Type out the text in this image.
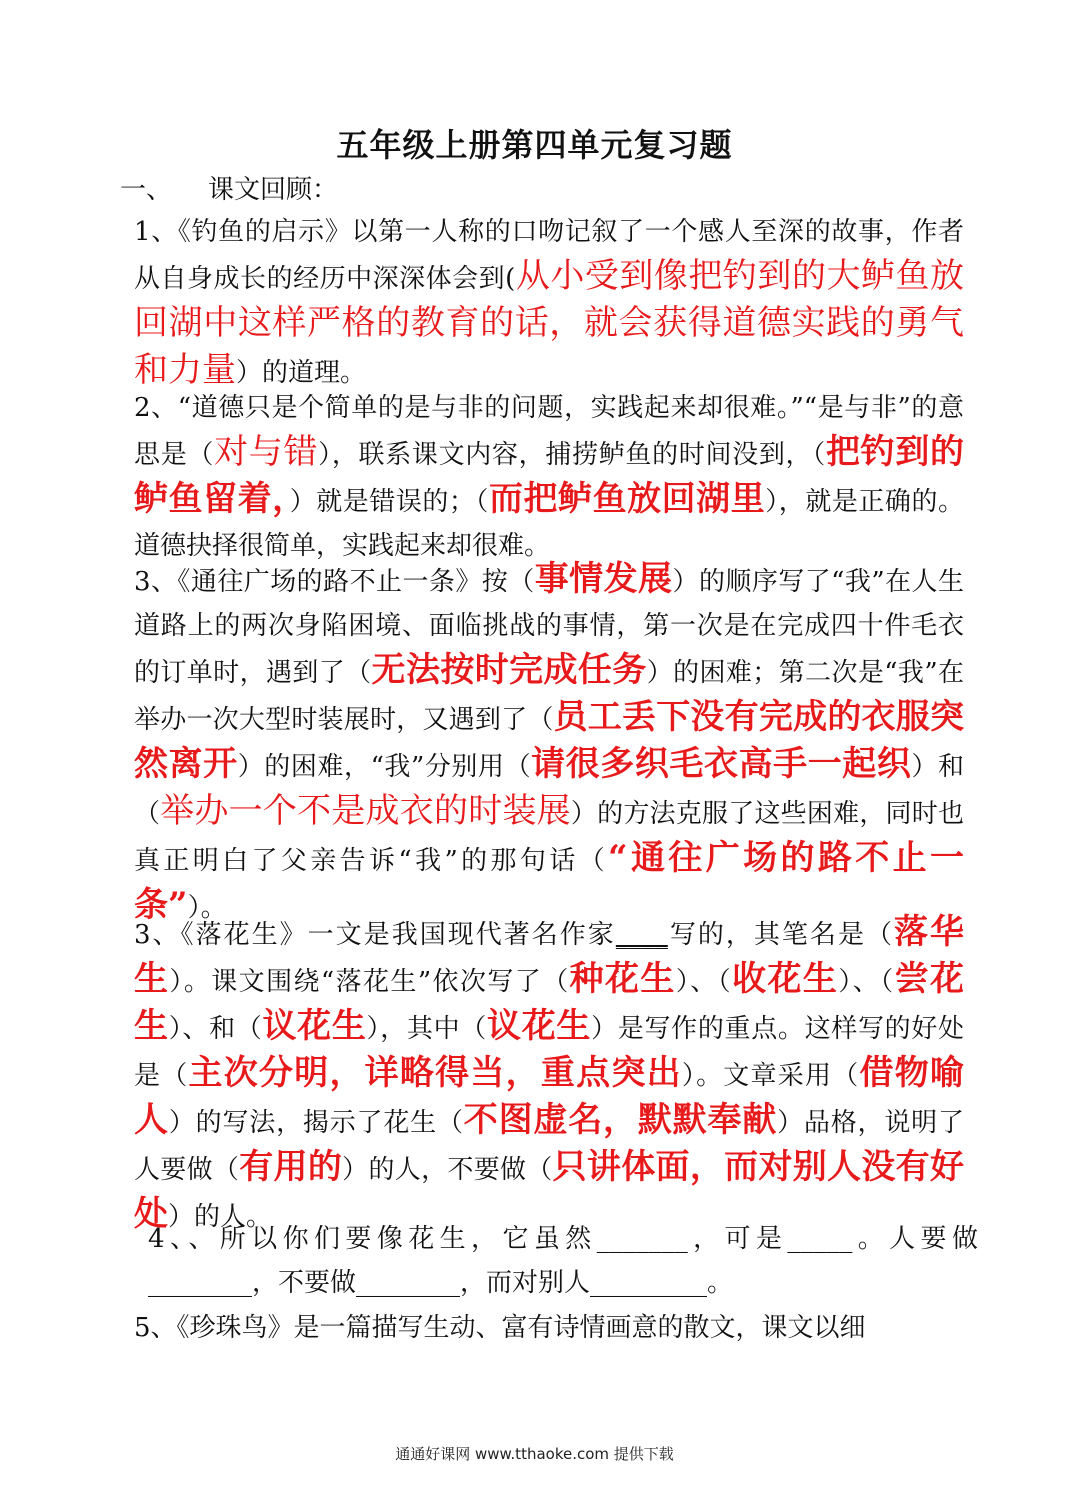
五年级上册第四单元复习题
一、 课文回顾：
1、《钓鱼的启示》以第一人称的口吻记叙了一个感人至深的故事，作者从自身成长的经历中深深体会到(从小受到像把钓到的大鲈鱼放回湖中这样严格的教育的话，就会获得道德实践的勇气和力量）的道理。
2、“道德只是个简单的是与非的问题，实践起来却很难。”“是与非”的意思是（对与错），联系课文内容，捕捞鲈鱼的时间没到，（把钓到的鲈鱼留着，）就是错误的；（而把鲈鱼放回湖里），就是正确的。道德抉择很简单，实践起来却很难。
3、《通往广场的路不止一条》按（事情发展）的顺序写了“我”在人生道路上的两次身陷困境、面临挑战的事情，第一次是在完成四十件毛衣的订单时，遇到了（无法按时完成任务）的困难；第二次是“我”在举办一次大型时装展时，又遇到了（员工丢下没有完成的衣服突然离开）的困难，“我”分别用（请很多织毛衣高手一起织）和（举办一个不是成衣的时装展）的方法克服了这些困难，同时也真正明白了父亲告诉“我”的那句话（“通往广场的路不止一条”）。
3、《落花生》一文是我国现代著名作家____写的，其笔名是（落华生）。课文围绕“落花生”依次写了（种花生）、（收花生）、（尝花生）、和（议花生），其中（议花生）是写作的重点。这样写的好处是（主次分明，详略得当，重点突出）。文章采用（借物喻人）的写法，揭示了花生（不图虚名，默默奉献）品格，说明了人要做（有用的）的人，不要做（只讲体面，而对别人没有好处）的人。
4、、所以你们要像花生，它虽然_______，可是_____。人要做________，不要做________，而对别人_________。
5、《珍珠鸟》是一篇描写生动、富有诗情画意的散文，课文以细
通通好课网 www.tthaoke.com 提供下载
